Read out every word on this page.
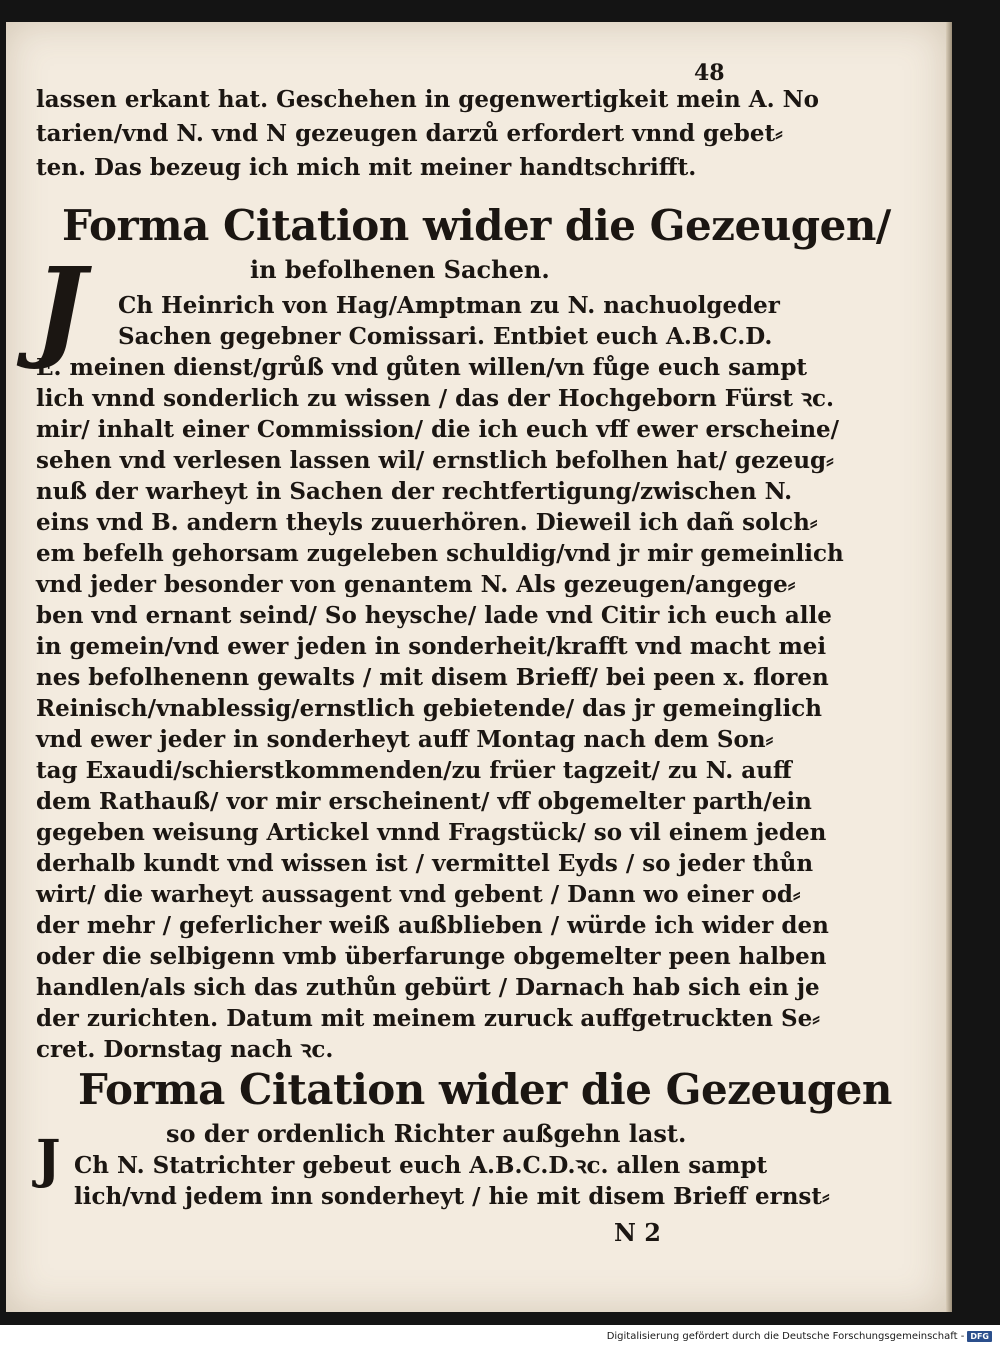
48
lassen erkant hat. Geschehen in gegenwertigkeit mein A. No
tarien/vnd N. vnd N gezeugen darzů erfordert vnnd gebet⸗
ten. Das bezeug ich mich mit meiner handtschrifft.
Forma Citation wider die Gezeugen/
in befolhenen Sachen.
J Ch Heinrich von Hag/Amptman zu N. nachuolgeder
Sachen gegebner Comissari. Entbiet euch A.B.C.D.
E. meinen dienst/grůß vnd gůten willen/vn fůge euch sampt
lich vnnd sonderlich zu wissen / das der Hochgeborn Fürst ꝛc.
mir/ inhalt einer Commission/ die ich euch vff ewer erscheine/
sehen vnd verlesen lassen wil/ ernstlich befolhen hat/ gezeug⸗
nuß der warheyt in Sachen der rechtfertigung/zwischen N.
eins vnd B. andern theyls zuuerhören. Dieweil ich dañ solch⸗
em befelh gehorsam zugeleben schuldig/vnd jr mir gemeinlich
vnd jeder besonder von genantem N. Als gezeugen/angege⸗
ben vnd ernant seind/ So heysche/ lade vnd Citir ich euch alle
in gemein/vnd ewer jeden in sonderheit/krafft vnd macht mei
nes befolhenenn gewalts / mit disem Brieff/ bei peen x. floren
Reinisch/vnablessig/ernstlich gebietende/ das jr gemeinglich
vnd ewer jeder in sonderheyt auff Montag nach dem Son⸗
tag Exaudi/schierstkommenden/zu früer tagzeit/ zu N. auff
dem Rathauß/ vor mir erscheinent/ vff obgemelter parth/ein
gegeben weisung Artickel vnnd Fragstück/ so vil einem jeden
derhalb kundt vnd wissen ist / vermittel Eyds / so jeder thůn
wirt/ die warheyt aussagent vnd gebent / Dann wo einer od⸗
der mehr / geferlicher weiß außblieben / würde ich wider den
oder die selbigenn vmb überfarunge obgemelter peen halben
handlen/als sich das zuthůn gebürt / Darnach hab sich ein je
der zurichten. Datum mit meinem zuruck auffgetruckten Se⸗
cret. Dornstag nach ꝛc.
Forma Citation wider die Gezeugen
so der ordenlich Richter außgehn last.
J Ch N. Statrichter gebeut euch A.B.C.D.ꝛc. allen sampt
lich/vnd jedem inn sonderheyt / hie mit disem Brieff ernst⸗
N 2
Digitalisierung gefördert durch die Deutsche Forschungsgemeinschaft - DFG
